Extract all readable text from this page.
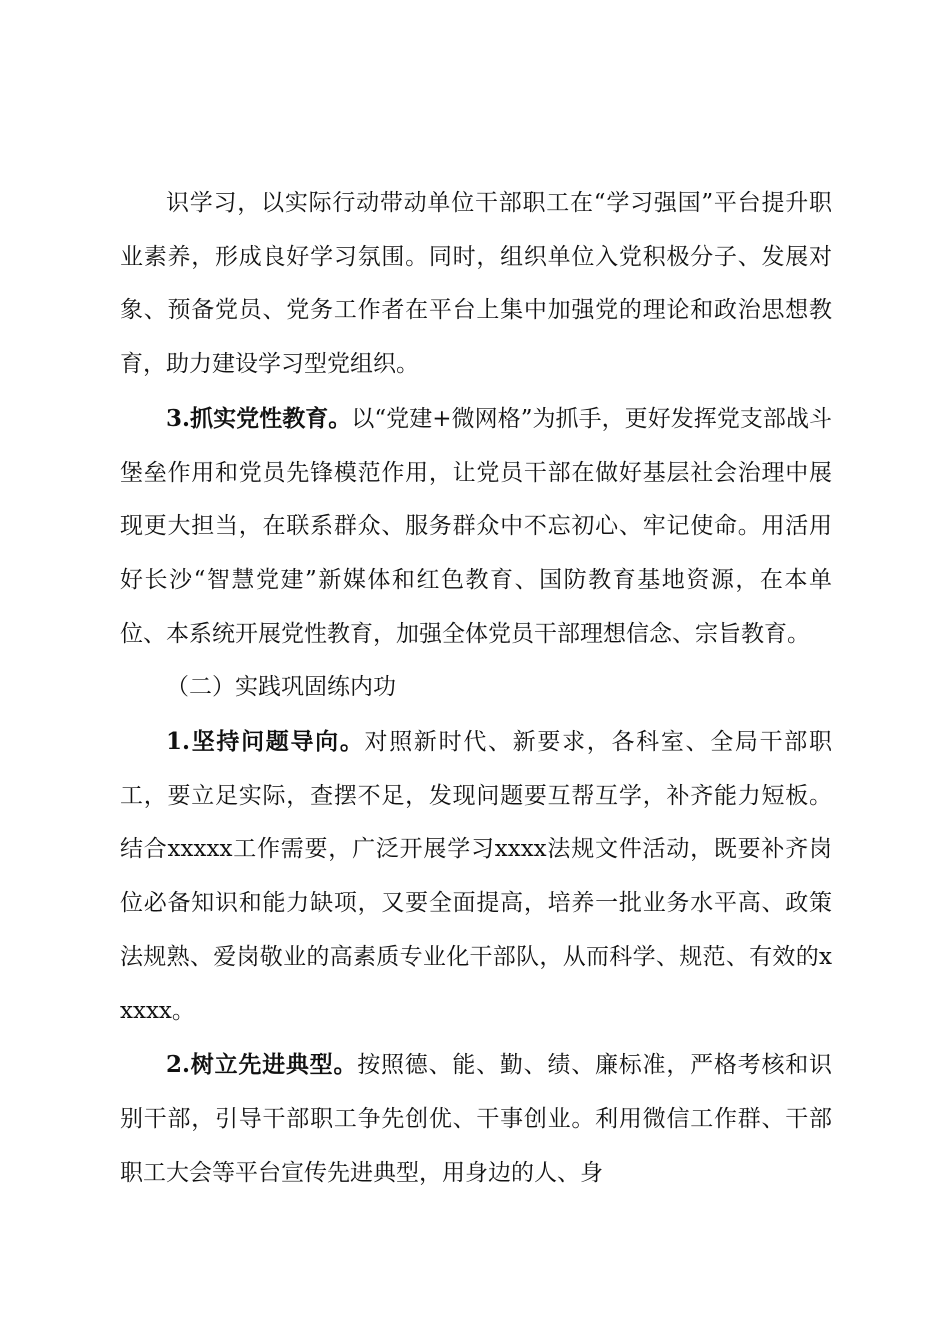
识学习，以实际行动带动单位干部职工在“学习强国”平台提升职业素养，形成良好学习氛围。同时，组织单位入党积极分子、发展对象、预备党员、党务工作者在平台上集中加强党的理论和政治思想教育，助力建设学习型党组织。

3.抓实党性教育。以“党建+微网格”为抓手，更好发挥党支部战斗堡垒作用和党员先锋模范作用，让党员干部在做好基层社会治理中展现更大担当，在联系群众、服务群众中不忘初心、牢记使命。用活用好长沙“智慧党建”新媒体和红色教育、国防教育基地资源，在本单位、本系统开展党性教育，加强全体党员干部理想信念、宗旨教育。

（二）实践巩固练内功

1.坚持问题导向。对照新时代、新要求，各科室、全局干部职工，要立足实际，查摆不足，发现问题要互帮互学，补齐能力短板。结合xxxxx工作需要，广泛开展学习xxxx法规文件活动，既要补齐岗位必备知识和能力缺项，又要全面提高，培养一批业务水平高、政策法规熟、爱岗敬业的高素质专业化干部队，从而科学、规范、有效的xxxxx。

2.树立先进典型。按照德、能、勤、绩、廉标准，严格考核和识别干部，引导干部职工争先创优、干事创业。利用微信工作群、干部职工大会等平台宣传先进典型，用身边的人、身
